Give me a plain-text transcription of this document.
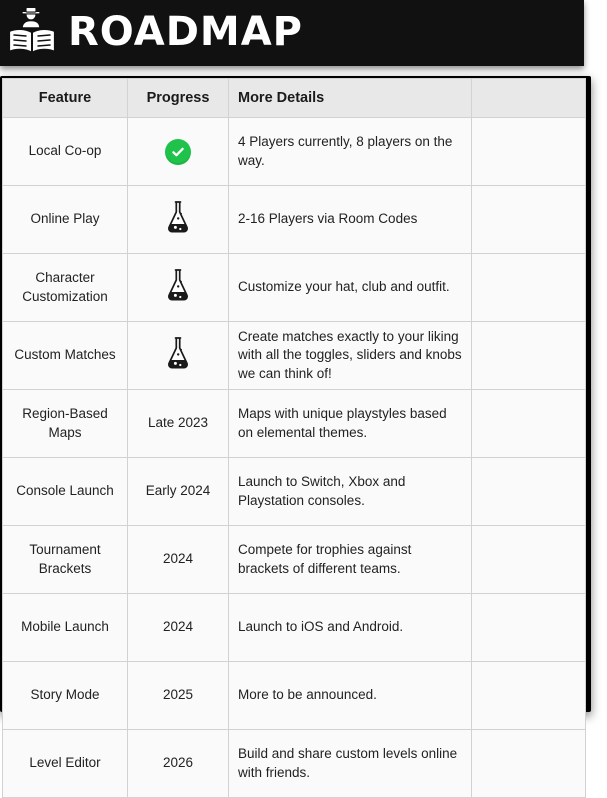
ROADMAP
Feature	Progress	More Details	
Local Co-op		4 Players currently, 8 players on the way.	
Online Play		2-16 Players via Room Codes	
Character Customization		Customize your hat, club and outfit.	
Custom Matches		Create matches exactly to your liking with all the toggles, sliders and knobs we can think of!	
Region-Based Maps	Late 2023	Maps with unique playstyles based on elemental themes.	
Console Launch	Early 2024	Launch to Switch, Xbox and Playstation consoles.	
Tournament Brackets	2024	Compete for trophies against brackets of different teams.	
Mobile Launch	2024	Launch to iOS and Android.	
Story Mode	2025	More to be announced.	
Level Editor	2026	Build and share custom levels online with friends.	
